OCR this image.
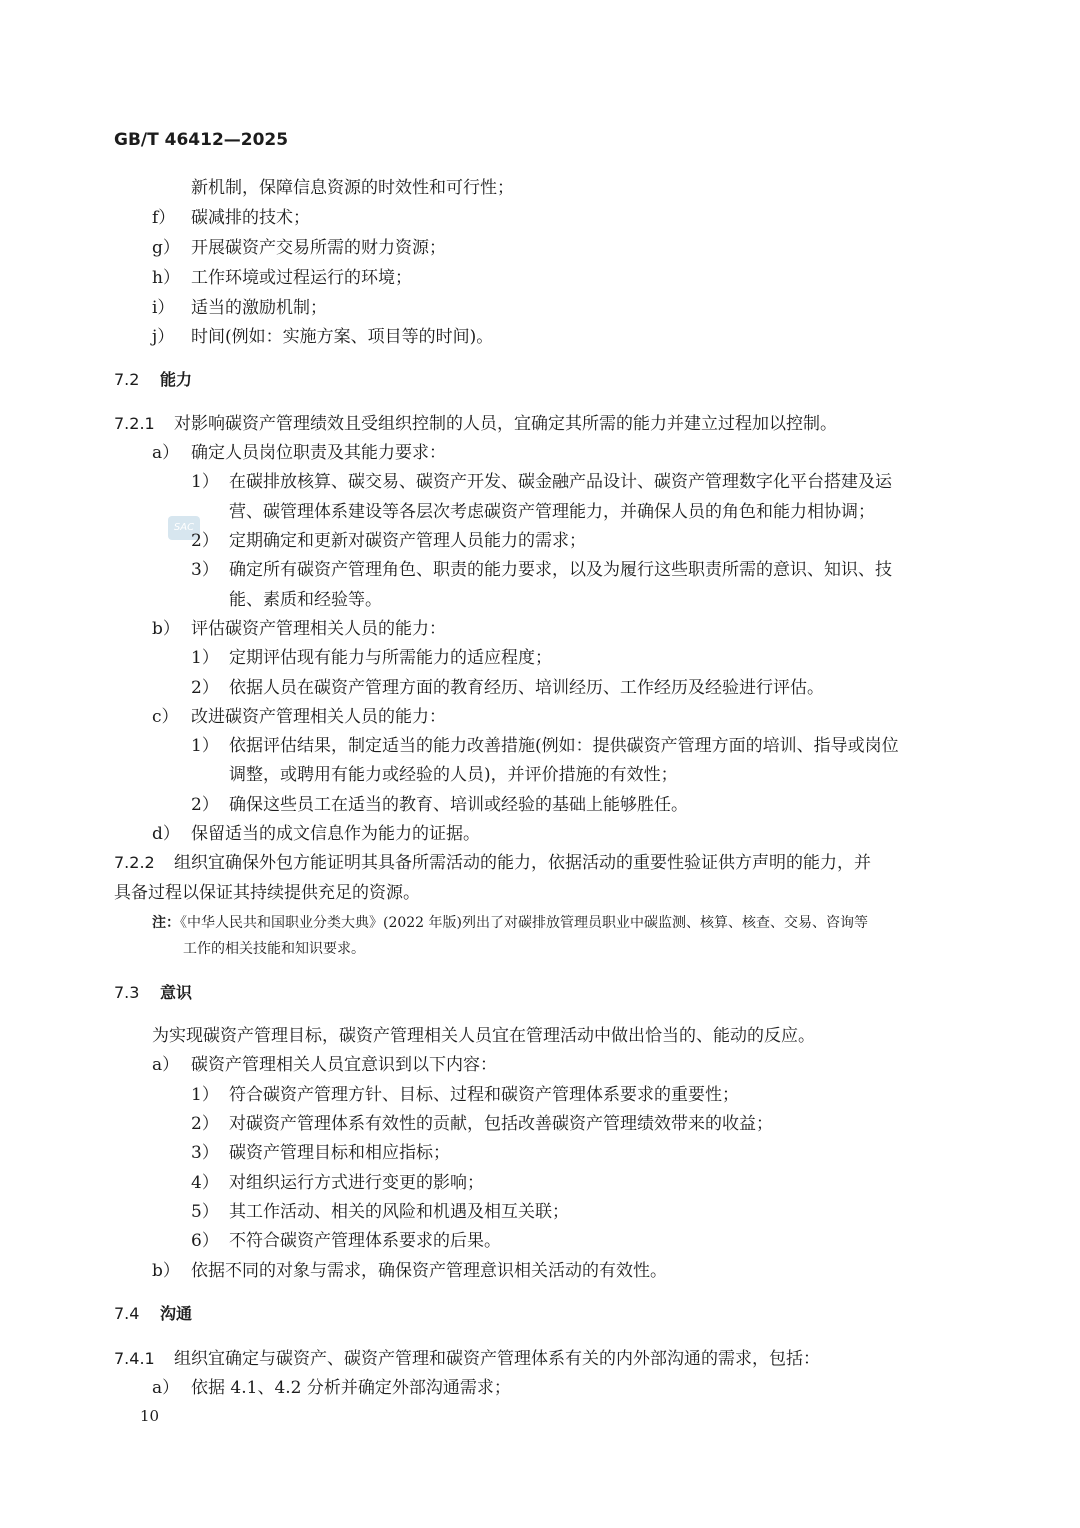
GB/T 46412—2025
SAC
新机制，保障信息资源的时效性和可行性；
f） 碳减排的技术；
g） 开展碳资产交易所需的财力资源；
h） 工作环境或过程运行的环境；
i） 适当的激励机制；
j） 时间(例如：实施方案、项目等的时间)。
7.2 能力
7.2.1 对影响碳资产管理绩效且受组织控制的人员，宜确定其所需的能力并建立过程加以控制。
a） 确定人员岗位职责及其能力要求：
1） 在碳排放核算、碳交易、碳资产开发、碳金融产品设计、碳资产管理数字化平台搭建及运
营、碳管理体系建设等各层次考虑碳资产管理能力，并确保人员的角色和能力相协调；
2） 定期确定和更新对碳资产管理人员能力的需求；
3） 确定所有碳资产管理角色、职责的能力要求，以及为履行这些职责所需的意识、知识、技
能、素质和经验等。
b） 评估碳资产管理相关人员的能力：
1） 定期评估现有能力与所需能力的适应程度；
2） 依据人员在碳资产管理方面的教育经历、培训经历、工作经历及经验进行评估。
c） 改进碳资产管理相关人员的能力：
1） 依据评估结果，制定适当的能力改善措施(例如：提供碳资产管理方面的培训、指导或岗位
调整，或聘用有能力或经验的人员)，并评价措施的有效性；
2） 确保这些员工在适当的教育、培训或经验的基础上能够胜任。
d） 保留适当的成文信息作为能力的证据。
7.2.2 组织宜确保外包方能证明其具备所需活动的能力，依据活动的重要性验证供方声明的能力，并
具备过程以保证其持续提供充足的资源。
注：《中华人民共和国职业分类大典》(2022 年版)列出了对碳排放管理员职业中碳监测、核算、核查、交易、咨询等
工作的相关技能和知识要求。
7.3 意识
为实现碳资产管理目标，碳资产管理相关人员宜在管理活动中做出恰当的、能动的反应。
a） 碳资产管理相关人员宜意识到以下内容：
1） 符合碳资产管理方针、目标、过程和碳资产管理体系要求的重要性；
2） 对碳资产管理体系有效性的贡献，包括改善碳资产管理绩效带来的收益；
3） 碳资产管理目标和相应指标；
4） 对组织运行方式进行变更的影响；
5） 其工作活动、相关的风险和机遇及相互关联；
6） 不符合碳资产管理体系要求的后果。
b） 依据不同的对象与需求，确保资产管理意识相关活动的有效性。
7.4 沟通
7.4.1 组织宜确定与碳资产、碳资产管理和碳资产管理体系有关的内外部沟通的需求，包括：
a） 依据 4.1、4.2 分析并确定外部沟通需求；
10
